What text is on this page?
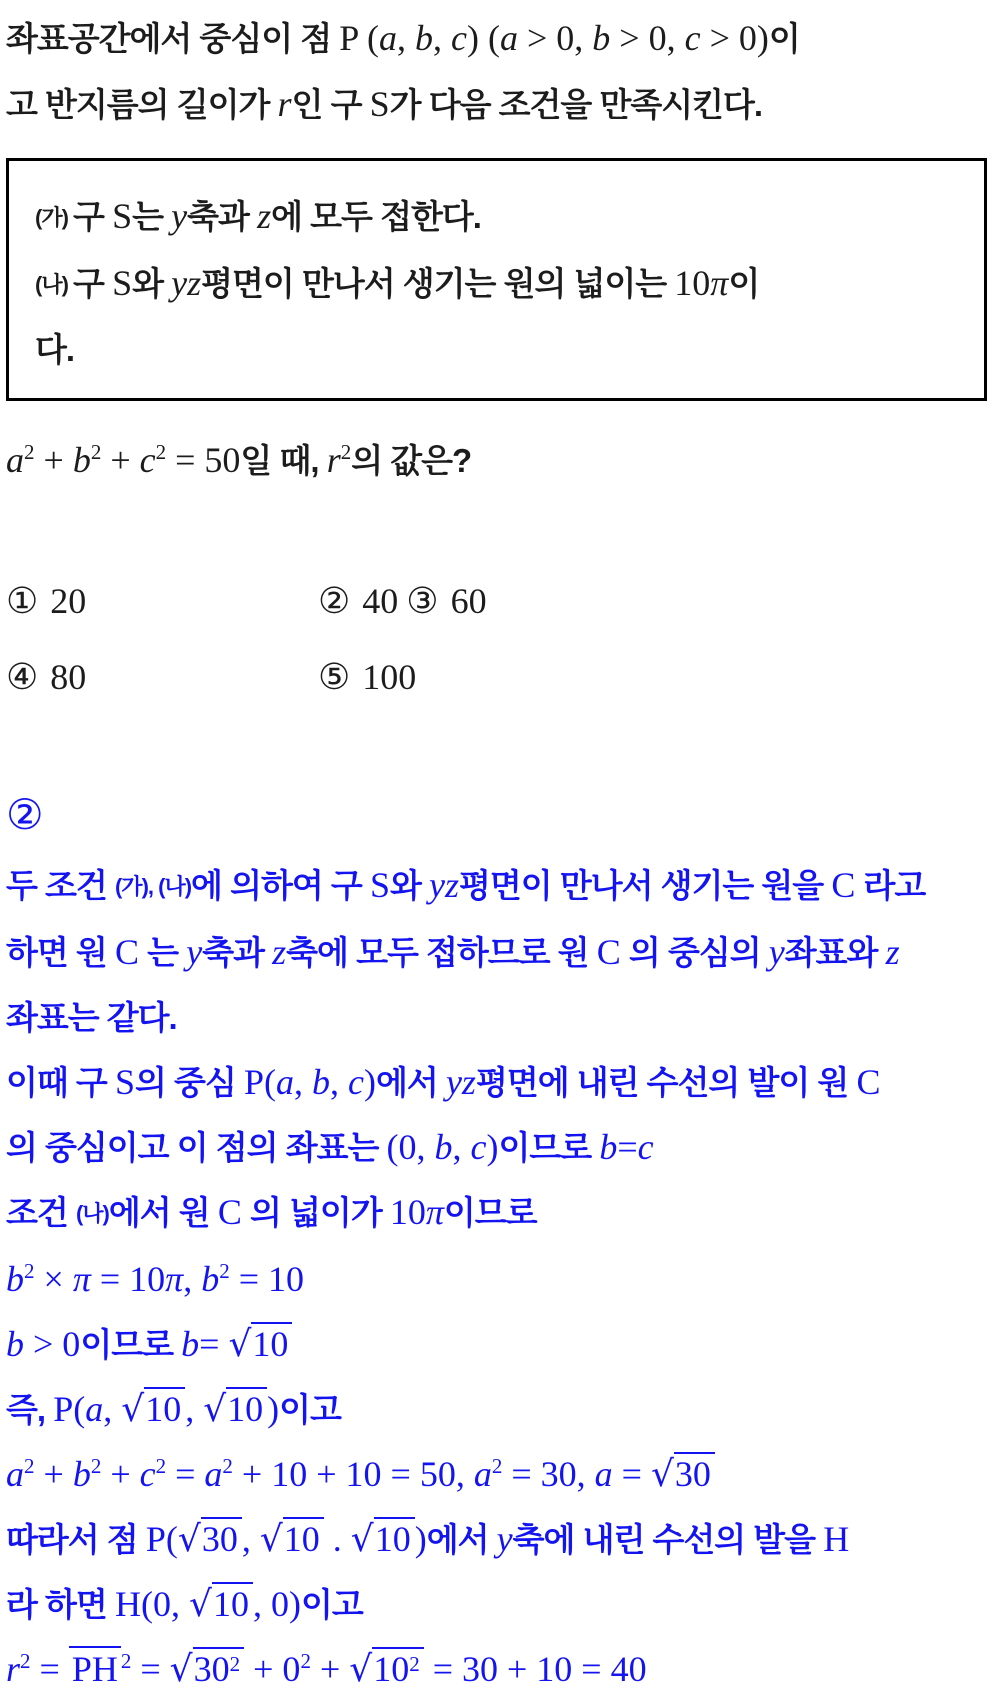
좌표공간에서 중심이 점 P (a, b, c) (a > 0, b > 0, c > 0)이
고 반지름의 길이가 r인 구 S가 다음 조건을 만족시킨다.
(가) 구 S는 y축과 z에 모두 접한다.
(나) 구 S와 yz평면이 만나서 생기는 원의 넓이는 10π이
다.
$a^2 + b^2 + c^2 = 50$일 때, $r^2$의 값은?
① 20	② 40 ③ 60
④ 80	⑤ 100
②
두 조건 (가), (나)에 의하여 구 S와 yz평면이 만나서 생기는 원을 C 라고
하면 원 C 는 y축과 z축에 모두 접하므로 원 C 의 중심의 y좌표와 z
좌표는 같다.
이때 구 S의 중심 P(a, b, c)에서 yz평면에 내린 수선의 발이 원 C
의 중심이고 이 점의 좌표는 (0, b, c)이므로 b=c
조건 (나)에서 원 C 의 넓이가 10π이므로
$b^2 \times \pi = 10\pi$, $b^2 = 10$
b > 0이므로 b= √10
즉, P(a, √10 , √10 )이고
$a^2 + b^2 + c^2 = a^2 + 10 + 10 = 50$, $a^2 = 30$, a = √30
따라서 점 P(√30 , √10 . √10 )에서 y축에 내린 수선의 발을 H
라 하면 H(0, √10 , 0)이고
$r^2$ = PH $^2 = √30^2 + 0^2 + √10^2 = 30 + 10 = 40$
